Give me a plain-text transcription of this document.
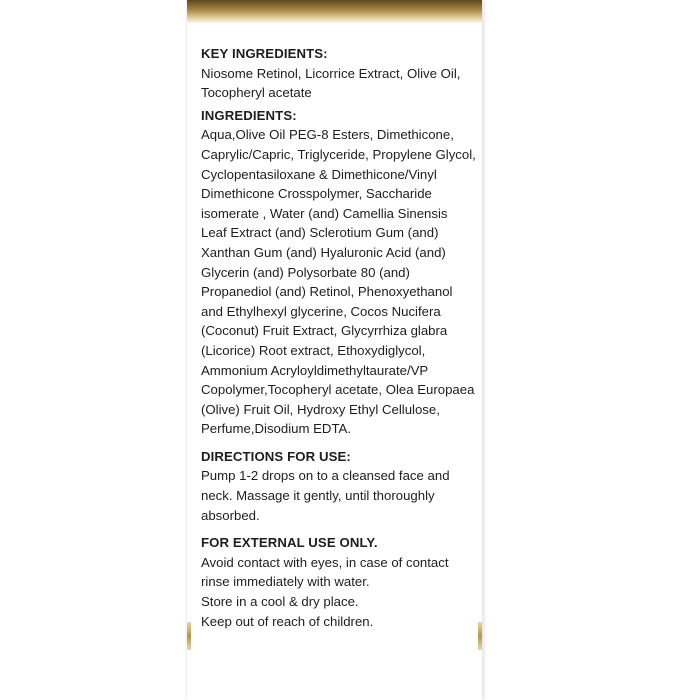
KEY INGREDIENTS:

Niosome Retinol, Licorrice Extract, Olive Oil, Tocopheryl acetate

INGREDIENTS:

Aqua,Olive Oil PEG-8 Esters, Dimethicone, Caprylic/Capric, Triglyceride, Propylene Glycol, Cyclopentasiloxane & Dimethicone/Vinyl Dimethicone Crosspolymer, Saccharide isomerate , Water (and) Camellia Sinensis Leaf Extract (and) Sclerotium Gum (and) Xanthan Gum (and) Hyaluronic Acid (and) Glycerin (and) Polysorbate 80 (and) Propanediol (and) Retinol, Phenoxyethanol and Ethylhexyl glycerine, Cocos Nucifera (Coconut) Fruit Extract, Glycyrrhiza glabra (Licorice) Root extract, Ethoxydiglycol, Ammonium Acryloyldimethyltaurate/VP Copolymer,Tocopheryl acetate, Olea Europaea (Olive) Fruit Oil, Hydroxy Ethyl Cellulose, Perfume,Disodium EDTA.

DIRECTIONS FOR USE:

Pump 1-2 drops on to a cleansed face and neck. Massage it gently, until thoroughly absorbed.

FOR EXTERNAL USE ONLY.

Avoid contact with eyes, in case of contact rinse immediately with water.

Store in a cool & dry place.

Keep out of reach of children.
